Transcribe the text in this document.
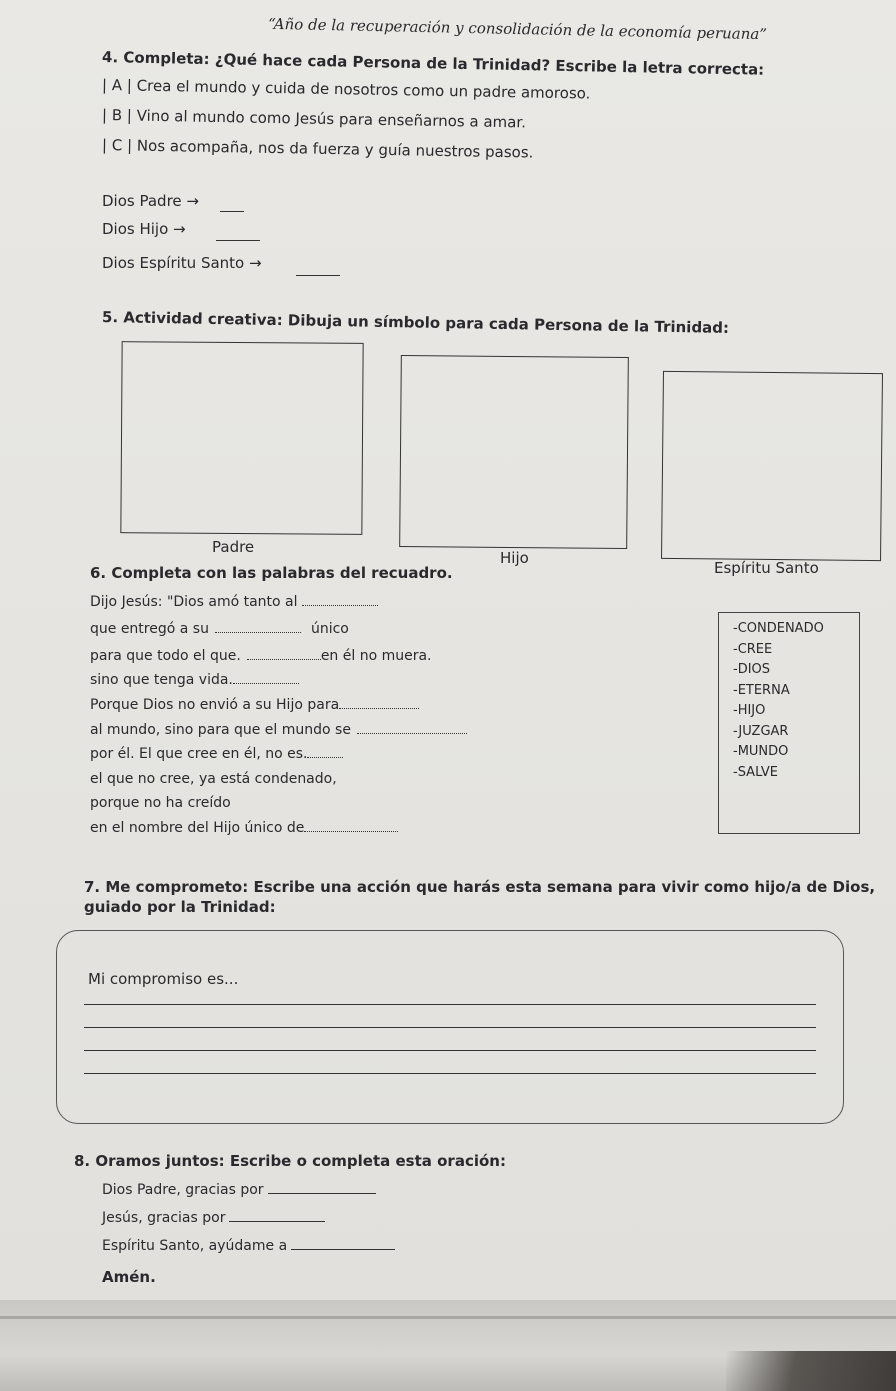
“Año de la recuperación y consolidación de la economía peruana”
4. Completa: ¿Qué hace cada Persona de la Trinidad? Escribe la letra correcta:
| A | Crea el mundo y cuida de nosotros como un padre amoroso.
| B | Vino al mundo como Jesús para enseñarnos a amar.
| C | Nos acompaña, nos da fuerza y guía nuestros pasos.
Dios Padre →
Dios Hijo →
Dios Espíritu Santo →
5. Actividad creativa: Dibuja un símbolo para cada Persona de la Trinidad:
Padre
Hijo
Espíritu Santo
6. Completa con las palabras del recuadro.
Dijo Jesús: "Dios amó tanto al
que entregó a su	único
para que todo el que.	en él no muera.
sino que tenga vida.
Porque Dios no envió a su Hijo para
al mundo, sino para que el mundo se
por él. El que cree en él, no es.
el que no cree, ya está condenado,
porque no ha creído
en el nombre del Hijo único de
-CONDENADO
-CREE
-DIOS
-ETERNA
-HIJO
-JUZGAR
-MUNDO
-SALVE
7. Me comprometo: Escribe una acción que harás esta semana para vivir como hijo/a de Dios,
guiado por la Trinidad:
Mi compromiso es...
8. Oramos juntos: Escribe o completa esta oración:
Dios Padre, gracias por
Jesús, gracias por
Espíritu Santo, ayúdame a
Amén.
